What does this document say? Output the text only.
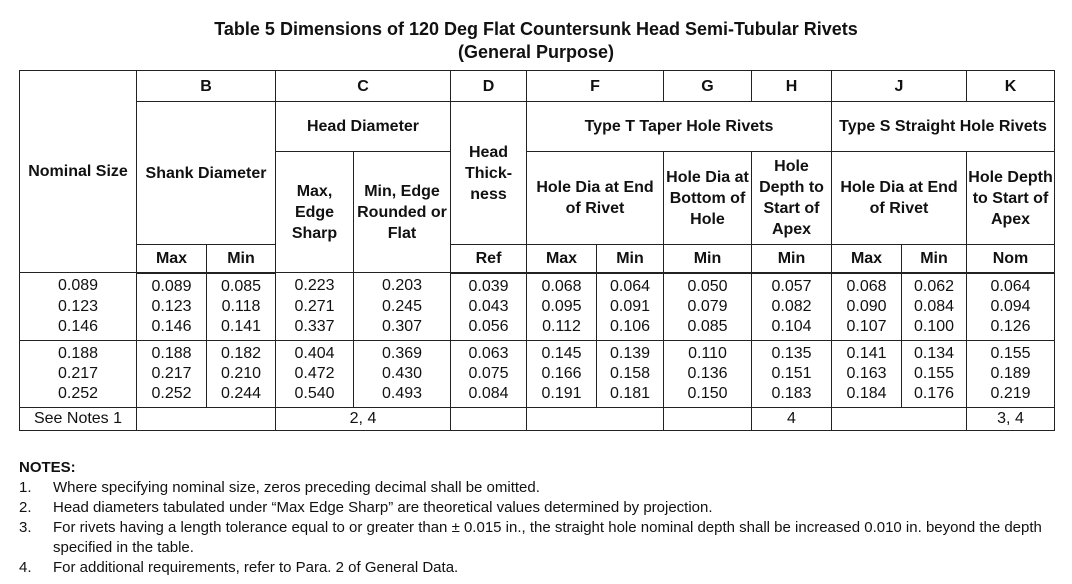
Table 5 Dimensions of 120 Deg Flat Countersunk Head Semi-Tubular Rivets
(General Purpose)
Nominal Size	B		C		D	F		G	H	J		K
	Shank Diameter		Head Diameter		Head Thick-ness	Type T Taper Hole Rivets				Type S Straight Hole Rivets		
			Max, Edge Sharp	Min, Edge Rounded or Flat		Hole Dia at End of Rivet		Hole Dia at Bottom of Hole	Hole Depth to Start of Apex	Hole Dia at End of Rivet		Hole Depth to Start of Apex
	Max	Min			Ref	Max	Min	Min	Min	Max	Min	Nom
0.089	0.089	0.085	0.223	0.203	0.039	0.068	0.064	0.050	0.057	0.068	0.062	0.064
0.123	0.123	0.118	0.271	0.245	0.043	0.095	0.091	0.079	0.082	0.090	0.084	0.094
0.146	0.146	0.141	0.337	0.307	0.056	0.112	0.106	0.085	0.104	0.107	0.100	0.126
0.188	0.188	0.182	0.404	0.369	0.063	0.145	0.139	0.110	0.135	0.141	0.134	0.155
0.217	0.217	0.210	0.472	0.430	0.075	0.166	0.158	0.136	0.151	0.163	0.155	0.189
0.252	0.252	0.244	0.540	0.493	0.084	0.191	0.181	0.150	0.183	0.184	0.176	0.219
See Notes 1			2, 4						4			3, 4
NOTES:
1.	Where specifying nominal size, zeros preceding decimal shall be omitted.
2.	Head diameters tabulated under “Max Edge Sharp” are theoretical values determined by projection.
3.	For rivets having a length tolerance equal to or greater than ± 0.015 in., the straight hole nominal depth shall be increased 0.010 in. beyond the depth specified in the table.
4.	For additional requirements, refer to Para. 2 of General Data.
